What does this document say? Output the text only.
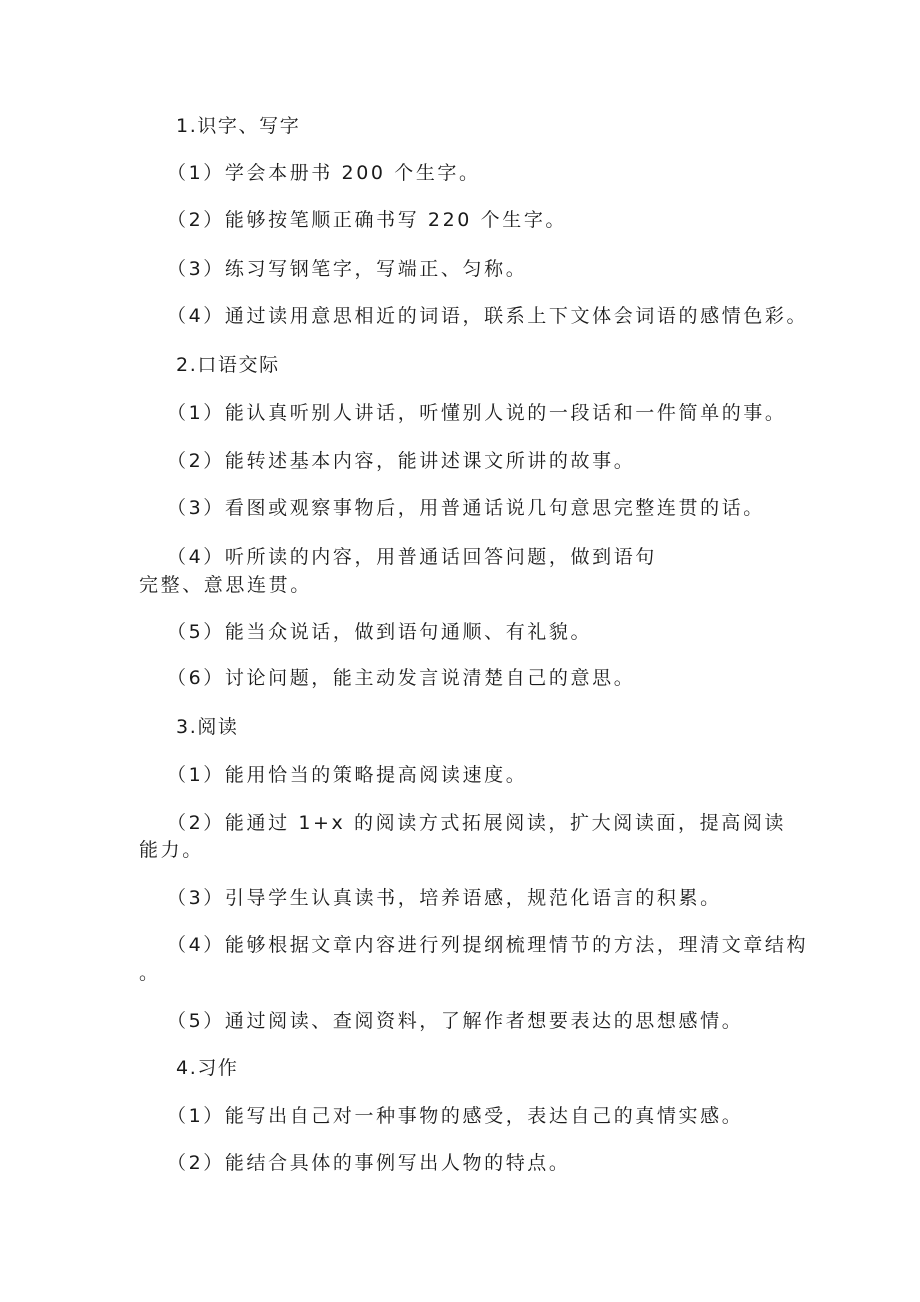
1.识字、写字
（1）学会本册书 200 个生字。
（2）能够按笔顺正确书写 220 个生字。
（3）练习写钢笔字，写端正、匀称。
（4）通过读用意思相近的词语，联系上下文体会词语的感情色彩。
2.口语交际
（1）能认真听别人讲话，听懂别人说的一段话和一件简单的事。
（2）能转述基本内容，能讲述课文所讲的故事。
（3）看图或观察事物后，用普通话说几句意思完整连贯的话。
（4）听所读的内容，用普通话回答问题，做到语句
完整、意思连贯。
（5）能当众说话，做到语句通顺、有礼貌。
（6）讨论问题，能主动发言说清楚自己的意思。
3.阅读
（1）能用恰当的策略提高阅读速度。
（2）能通过 1+x 的阅读方式拓展阅读，扩大阅读面，提高阅读
能力。
（3）引导学生认真读书，培养语感，规范化语言的积累。
（4）能够根据文章内容进行列提纲梳理情节的方法，理清文章结构
。
（5）通过阅读、查阅资料，了解作者想要表达的思想感情。
4.习作
（1）能写出自己对一种事物的感受，表达自己的真情实感。
（2）能结合具体的事例写出人物的特点。
